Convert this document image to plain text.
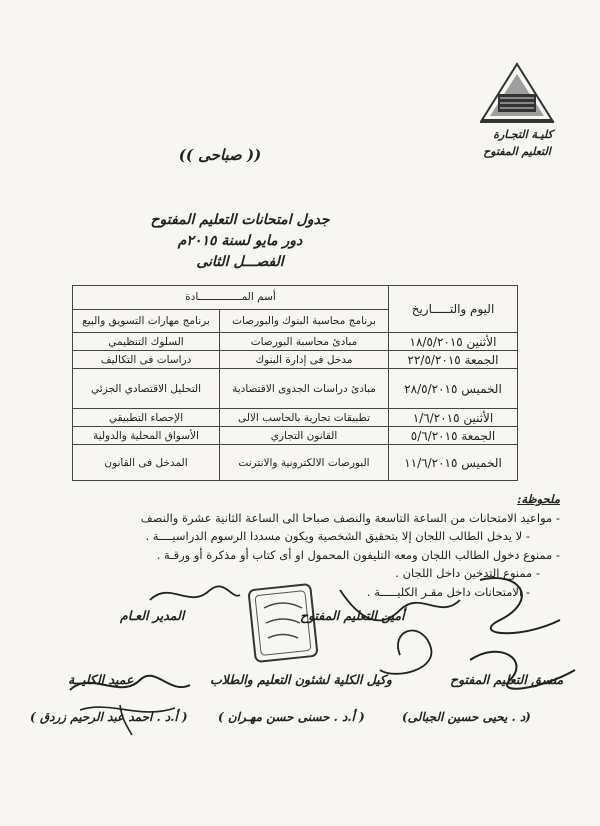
كليـة التجـارة
التعليم المفتوح
(( صباحى ))
جدول امتحانات التعليم المفتوح
دور مايو لسنة ٢٠١٥م
الفصـــل الثانى
اليوم والتـــــاريخ	أسم المــــــــــــــادة	
	برنامج محاسبة البنوك والبورصات	برنامج مهارات التسويق والبيع
الأثنين ١٨/٥/٢٠١٥	مبادئ محاسبة البورصات	السلوك التنظيمي
الجمعة ٢٢/٥/٢٠١٥	مدخل فى إدارة البنوك	دراسات فى التكاليف
الخميس ٢٨/٥/٢٠١٥	مبادئ دراسات الجدوى الاقتصادية	التحليل الاقتصادي الجزئي
الأثنين ١/٦/٢٠١٥	تطبيقات تجارية بالحاسب الالى	الإحصاء التطبيقي
الجمعة ٥/٦/٢٠١٥	القانون التجاري	الأسواق المحلية والدولية
الخميس ١١/٦/٢٠١٥	البورصات الالكترونية والانترنت	المدخل فى القانون
ملحوظة:
- مواعيد الامتحانات من الساعة التاسعة والنصف صباحا الى الساعة الثانية عشرة والنصف
- لا يدخل الطالب اللجان إلا بتحقيق الشخصية ويكون مسددا الرسوم الدراسيــــة .
- ممنوع دخول الطالب اللجان ومعه التليفون المحمول او أى كتاب أو مذكرة أو ورقـة .
- ممنوع التدخين داخل اللجان .
- الامتحانات داخل مقـر الكليـــــة .
أمين التعليم المفتوح
المدير العـام
منسق التعليم المفتوح
وكيل الكلية لشئون التعليم والطلاب
عميد الكليــة
(د . يحيى حسين الجبالى)
( أ.د . حسنى حسن مهـران )
( أ.د . احمد عبد الرحيم زردق )
